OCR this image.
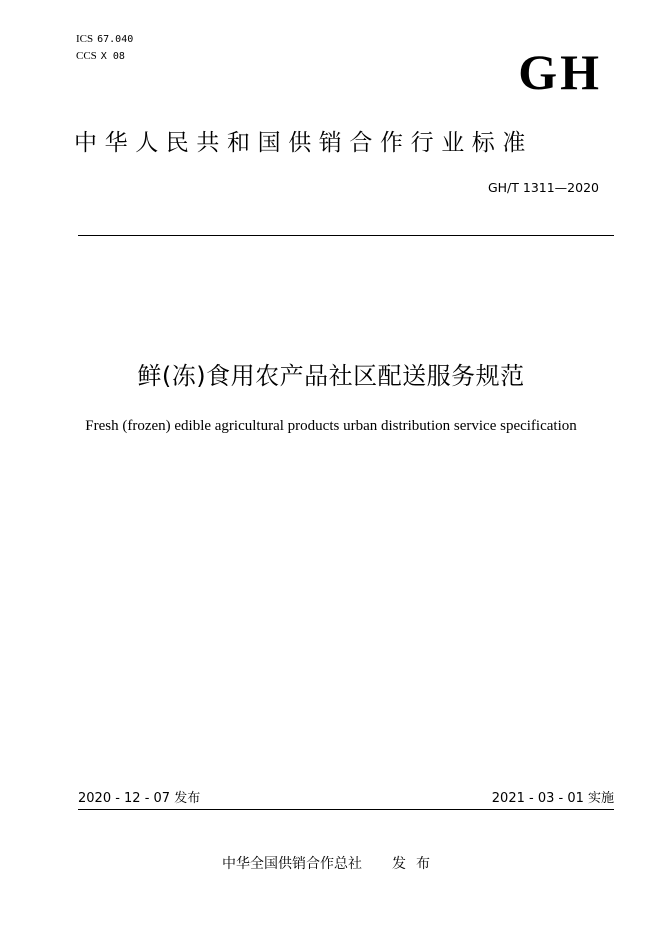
ICS 67.040
CCS X 08	GH
中华人民共和国供销合作行业标准
GH/T 1311—2020
鲜(冻)食用农产品社区配送服务规范
Fresh (frozen) edible agricultural products urban distribution service specification
2020 - 12 - 07 发布	2021 - 03 - 01 实施
中华全国供销合作总社 发布
